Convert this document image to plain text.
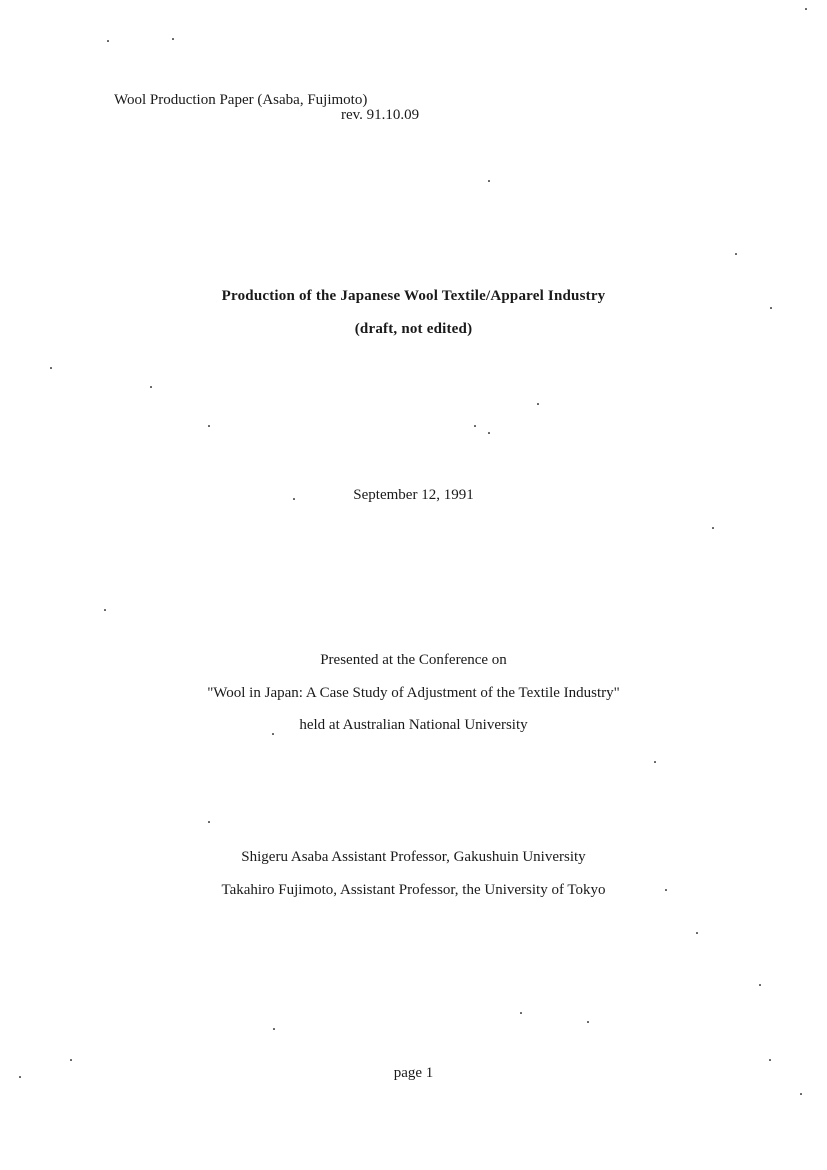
Wool Production Paper (Asaba, Fujimoto)
rev. 91.10.09
Production of the Japanese Wool Textile/Apparel Industry
(draft, not edited)
September 12, 1991
Presented at the Conference on
"Wool in Japan: A Case Study of Adjustment of the Textile Industry"
held at Australian National University
Shigeru Asaba Assistant Professor, Gakushuin University
Takahiro Fujimoto, Assistant Professor, the University of Tokyo
page 1
